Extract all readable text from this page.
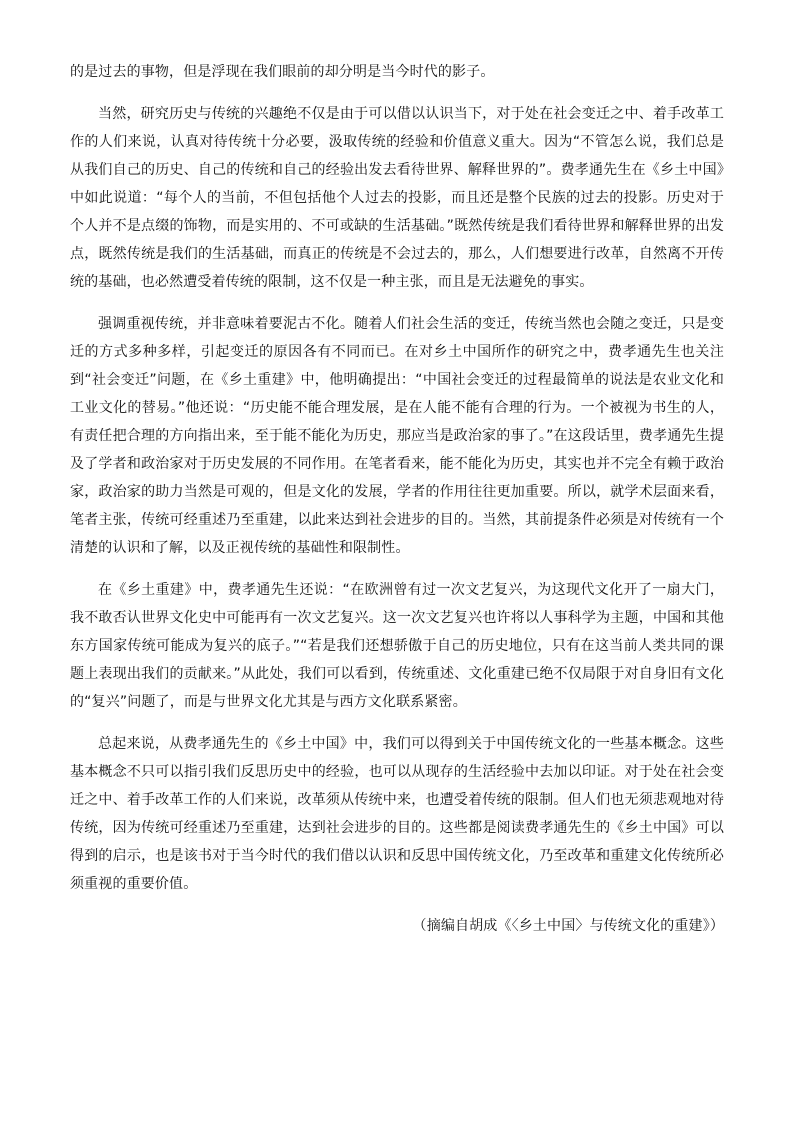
的是过去的事物，但是浮现在我们眼前的却分明是当今时代的影子。

当然，研究历史与传统的兴趣绝不仅是由于可以借以认识当下，对于处在社会变迁之中、着手改革工作的人们来说，认真对待传统十分必要，汲取传统的经验和价值意义重大。因为“不管怎么说，我们总是从我们自己的历史、自己的传统和自己的经验出发去看待世界、解释世界的”。费孝通先生在《乡土中国》中如此说道：“每个人的当前，不但包括他个人过去的投影，而且还是整个民族的过去的投影。历史对于个人并不是点缀的饰物，而是实用的、不可或缺的生活基础。”既然传统是我们看待世界和解释世界的出发点，既然传统是我们的生活基础，而真正的传统是不会过去的，那么，人们想要进行改革，自然离不开传统的基础，也必然遭受着传统的限制，这不仅是一种主张，而且是无法避免的事实。

强调重视传统，并非意味着要泥古不化。随着人们社会生活的变迁，传统当然也会随之变迁，只是变迁的方式多种多样，引起变迁的原因各有不同而已。在对乡土中国所作的研究之中，费孝通先生也关注到“社会变迁”问题，在《乡土重建》中，他明确提出：“中国社会变迁的过程最简单的说法是农业文化和工业文化的替易。”他还说：“历史能不能合理发展，是在人能不能有合理的行为。一个被视为书生的人，有责任把合理的方向指出来，至于能不能化为历史，那应当是政治家的事了。”在这段话里，费孝通先生提及了学者和政治家对于历史发展的不同作用。在笔者看来，能不能化为历史，其实也并不完全有赖于政治家，政治家的助力当然是可观的，但是文化的发展，学者的作用往往更加重要。所以，就学术层面来看，笔者主张，传统可经重述乃至重建，以此来达到社会进步的目的。当然，其前提条件必须是对传统有一个清楚的认识和了解，以及正视传统的基础性和限制性。

在《乡土重建》中，费孝通先生还说：“在欧洲曾有过一次文艺复兴，为这现代文化开了一扇大门，我不敢否认世界文化史中可能再有一次文艺复兴。这一次文艺复兴也许将以人事科学为主题，中国和其他东方国家传统可能成为复兴的底子。”“若是我们还想骄傲于自己的历史地位，只有在这当前人类共同的课题上表现出我们的贡献来。”从此处，我们可以看到，传统重述、文化重建已绝不仅局限于对自身旧有文化的“复兴”问题了，而是与世界文化尤其是与西方文化联系紧密。

总起来说，从费孝通先生的《乡土中国》中，我们可以得到关于中国传统文化的一些基本概念。这些基本概念不只可以指引我们反思历史中的经验，也可以从现存的生活经验中去加以印证。对于处在社会变迁之中、着手改革工作的人们来说，改革须从传统中来，也遭受着传统的限制。但人们也无须悲观地对待传统，因为传统可经重述乃至重建，达到社会进步的目的。这些都是阅读费孝通先生的《乡土中国》可以得到的启示，也是该书对于当今时代的我们借以认识和反思中国传统文化，乃至改革和重建文化传统所必须重视的重要价值。

（摘编自胡成《〈乡土中国〉与传统文化的重建》）
